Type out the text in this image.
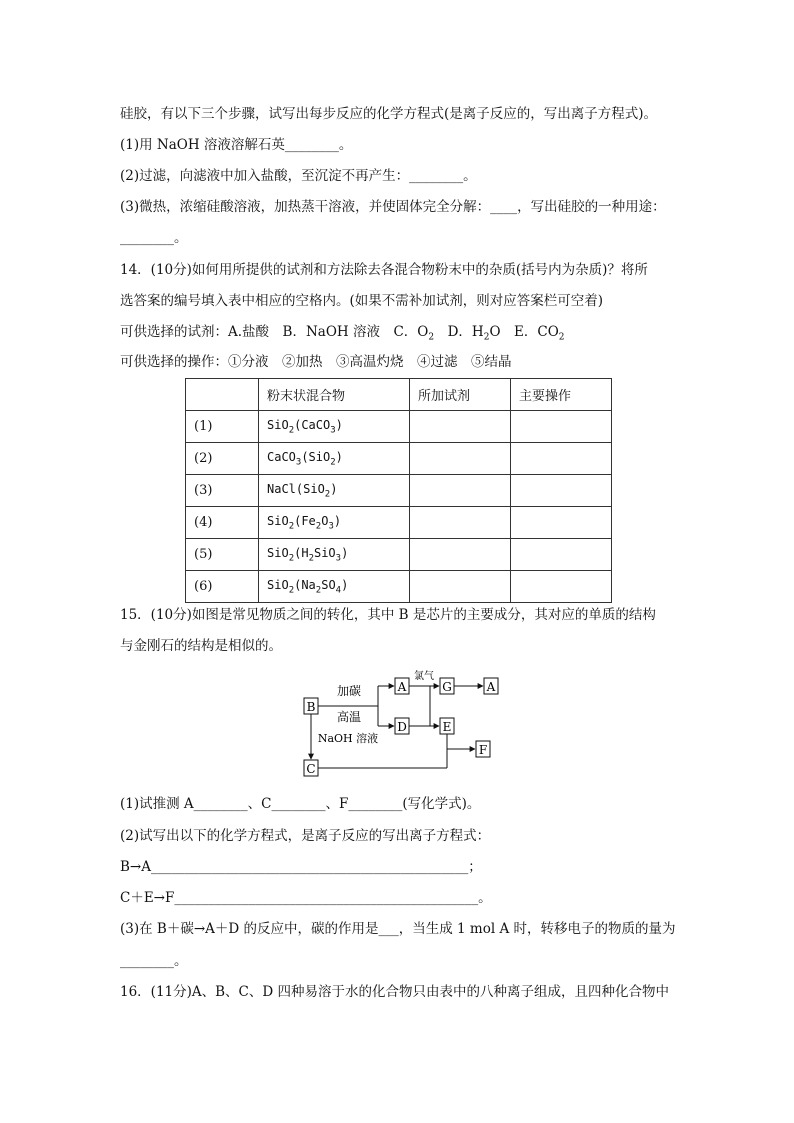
硅胶，有以下三个步骤，试写出每步反应的化学方程式(是离子反应的，写出离子方程式)。
(1)用 NaOH 溶液溶解石英________。
(2)过滤，向滤液中加入盐酸，至沉淀不再产生：________。
(3)微热，浓缩硅酸溶液，加热蒸干溶液，并使固体完全分解：____，写出硅胶的一种用途：
________。
14．(10分)如何用所提供的试剂和方法除去各混合物粉末中的杂质(括号内为杂质)？将所
选答案的编号填入表中相应的空格内。(如果不需补加试剂，则对应答案栏可空着)
可供选择的试剂：A.盐酸　B．NaOH 溶液　C．$O_2$　D．$H_2O$　E．$CO_2$
可供选择的操作：①分液　②加热　③高温灼烧　④过滤　⑤结晶
	粉末状混合物	所加试剂	主要操作
(1)	SiO$_2$(CaCO$_3$)		
(2)	CaCO$_3$(SiO$_2$)		
(3)	NaCl(SiO$_2$)		
(4)	$SiO_2(Fe_2O_3)$		
(5)	$SiO_2(H_2SiO_3)$		
(6)	$SiO_2(Na_2SO_4)$		
15．(10分)如图是常见物质之间的转化，其中 B 是芯片的主要成分，其对应的单质的结构
与金刚石的结构是相似的。
B
A	G	A
D	E
F
C
加碳
高温
氯气
NaOH 溶液
(1)试推测 A________、C________、F________(写化学式)。
(2)试写出以下的化学方程式，是离子反应的写出离子方程式：
B→A_______________________________________________；
C＋E→F_____________________________________________。
(3)在 B＋碳→A＋D 的反应中，碳的作用是___，当生成 1 mol A 时，转移电子的物质的量为
________。
16．(11分)A、B、C、D 四种易溶于水的化合物只由表中的八种离子组成，且四种化合物中
